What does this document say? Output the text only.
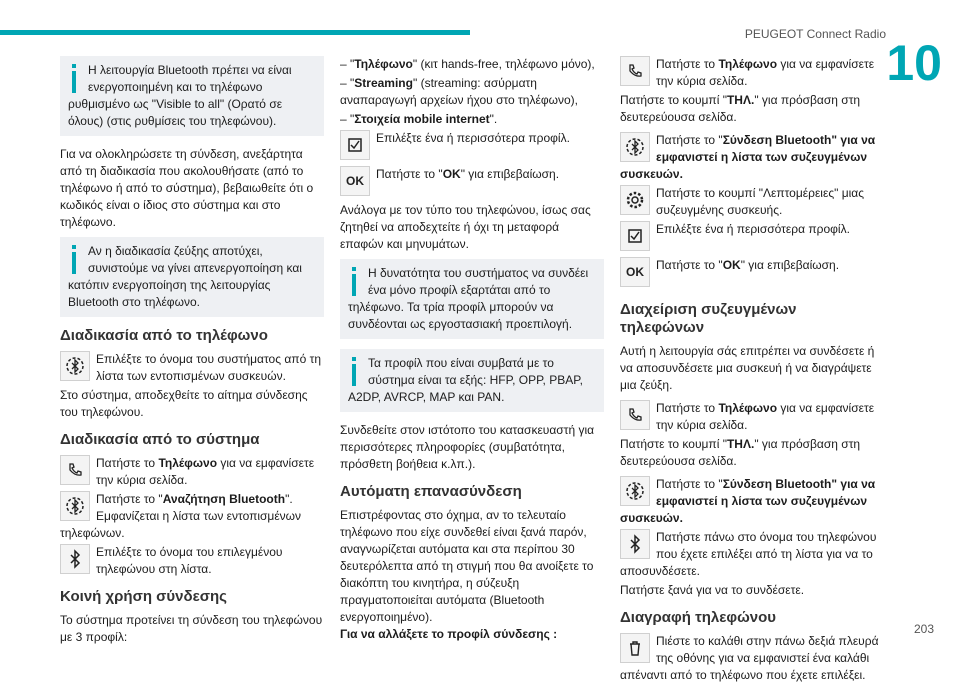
PEUGEOT Connect Radio
10
Η λειτουργία Bluetooth πρέπει να είναι ενεργοποιημένη και το τηλέφωνο ρυθμισμένο ως "Visible to all" (Ορατό σε όλους) (στις ρυθμίσεις του τηλεφώνου).

Για να ολοκληρώσετε τη σύνδεση, ανεξάρτητα από τη διαδικασία που ακολουθήσατε (από το τηλέφωνο ή από το σύστημα), βεβαιωθείτε ότι ο κωδικός είναι ο ίδιος στο σύστημα και στο τηλέφωνο.

Αν η διαδικασία ζεύξης αποτύχει, συνιστούμε να γίνει απενεργοποίηση και κατόπιν ενεργοποίηση της λειτουργίας Bluetooth στο τηλέφωνο.
Διαδικασία από το τηλέφωνο
Επιλέξτε το όνομα του συστήματος από τη λίστα των εντοπισμένων συσκευών.

Στο σύστημα, αποδεχθείτε το αίτημα σύνδεσης του τηλεφώνου.

Διαδικασία από το σύστημα
Πατήστε το Τηλέφωνο για να εμφανίσετε την κύρια σελίδα.
Πατήστε το "Αναζήτηση Bluetooth". Εμφανίζεται η λίστα των εντοπισμένων τηλεφώνων.
Επιλέξτε το όνομα του επιλεγμένου τηλεφώνου στη λίστα.
Κοινή χρήση σύνδεσης

Το σύστημα προτείνει τη σύνδεση του τηλεφώνου με 3 προφίλ:

– "Τηλέφωνο" (κιτ hands-free, τηλέφωνο μόνο),
– "Streaming" (streaming: ασύρματη αναπαραγωγή αρχείων ήχου στο τηλέφωνο),
– "Στοιχεία mobile internet".
Επιλέξτε ένα ή περισσότερα προφίλ.
OK	Πατήστε το "OK" για επιβεβαίωση.

Ανάλογα με τον τύπο του τηλεφώνου, ίσως σας ζητηθεί να αποδεχτείτε ή όχι τη μεταφορά επαφών και μηνυμάτων.

Η δυνατότητα του συστήματος να συνδέει ένα μόνο προφίλ εξαρτάται από το τηλέφωνο. Τα τρία προφίλ μπορούν να συνδέονται ως εργοστασιακή προεπιλογή.
Τα προφίλ που είναι συμβατά με το σύστημα είναι τα εξής: HFP, OPP, PBAP, A2DP, AVRCP, MAP και PAN.

Συνδεθείτε στον ιστότοπο του κατασκευαστή για περισσότερες πληροφορίες (συμβατότητα, πρόσθετη βοήθεια κ.λπ.).

Αυτόματη επανασύνδεση

Επιστρέφοντας στο όχημα, αν το τελευταίο τηλέφωνο που είχε συνδεθεί είναι ξανά παρόν, αναγνωρίζεται αυτόματα και στα περίπου 30 δευτερόλεπτα από τη στιγμή που θα ανοίξετε το διακόπτη του κινητήρα, η σύζευξη πραγματοποιείται αυτόματα (Bluetooth ενεργοποιημένο).
Για να αλλάξετε το προφίλ σύνδεσης :

Πατήστε το Τηλέφωνο για να εμφανίσετε την κύρια σελίδα.

Πατήστε το κουμπί "ΤΗΛ." για πρόσβαση στη δευτερεύουσα σελίδα.

Πατήστε το "Σύνδεση Bluetooth" για να εμφανιστεί η λίστα των συζευγμένων συσκευών.
Πατήστε το κουμπί "Λεπτομέρειες" μιας συζευγμένης συσκευής.
Επιλέξτε ένα ή περισσότερα προφίλ.
OK	Πατήστε το "OK" για επιβεβαίωση.
Διαχείριση συζευγμένων τηλεφώνων

Αυτή η λειτουργία σάς επιτρέπει να συνδέσετε ή να αποσυνδέσετε μια συσκευή ή να διαγράψετε μια ζεύξη.

Πατήστε το Τηλέφωνο για να εμφανίσετε την κύρια σελίδα.

Πατήστε το κουμπί "ΤΗΛ." για πρόσβαση στη δευτερεύουσα σελίδα.

Πατήστε το "Σύνδεση Bluetooth" για να εμφανιστεί η λίστα των συζευγμένων συσκευών.
Πατήστε πάνω στο όνομα του τηλεφώνου που έχετε επιλέξει από τη λίστα για να το αποσυνδέσετε.

Πατήστε ξανά για να το συνδέσετε.

Διαγραφή τηλεφώνου
Πιέστε το καλάθι στην πάνω δεξιά πλευρά της οθόνης για να εμφανιστεί ένα καλάθι απέναντι από το τηλέφωνο που έχετε επιλέξει.
203
